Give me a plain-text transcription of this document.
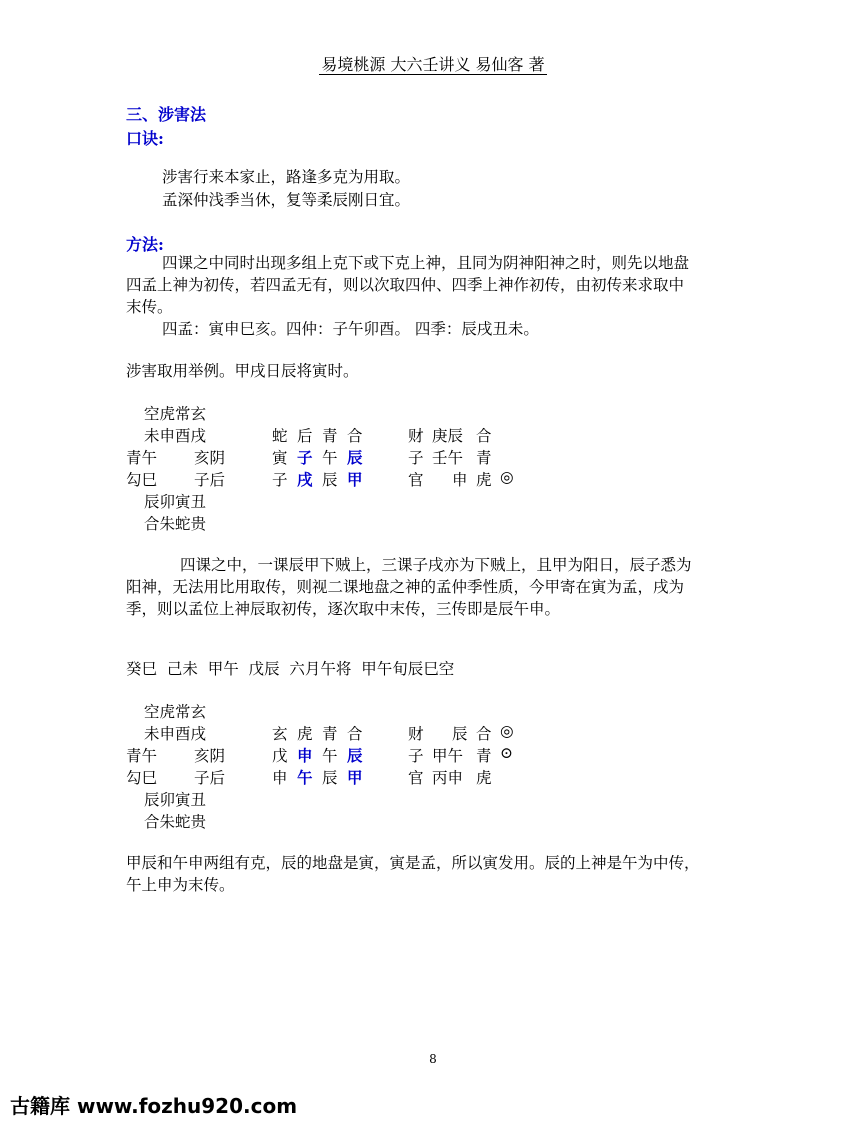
易境桃源 大六壬讲义 易仙客 著
三、涉害法
口诀:
涉害行来本家止，路逢多克为用取。
孟深仲浅季当休，复等柔辰刚日宜。
方法:
四课之中同时出现多组上克下或下克上神，且同为阴神阳神之时，则先以地盘
四孟上神为初传，若四孟无有，则以次取四仲、四季上神作初传，由初传来求取中
末传。
四孟：寅申巳亥。四仲：子午卯酉。 四季：辰戌丑未。
涉害取用举例。甲戌日辰将寅时。
空虎常玄
未申酉戌
青午 亥阴
勾巳 子后
辰卯寅丑
合朱蛇贵
蛇 后 青 合
寅 子 午 辰
子 戌 辰 甲
财 庚辰 合
子 壬午 青
官 申 虎 ◎
四课之中，一课辰甲下贼上，三课子戌亦为下贼上，且甲为阳日，辰子悉为
阳神，无法用比用取传，则视二课地盘之神的孟仲季性质，今甲寄在寅为孟，戌为
季，则以孟位上神辰取初传，逐次取中末传，三传即是辰午申。
癸巳  己未  甲午  戊辰  六月午将  甲午旬辰巳空
空虎常玄
未申酉戌
青午 亥阴
勾巳 子后
辰卯寅丑
合朱蛇贵
玄 虎 青 合
戊 申 午 辰
申 午 辰 甲
财 辰 合 ◎
子 甲午 青 ⊙
官 丙申 虎
甲辰和午申两组有克，辰的地盘是寅，寅是孟，所以寅发用。辰的上神是午为中传，
午上申为末传。
8
古籍库 www.fozhu920.com
